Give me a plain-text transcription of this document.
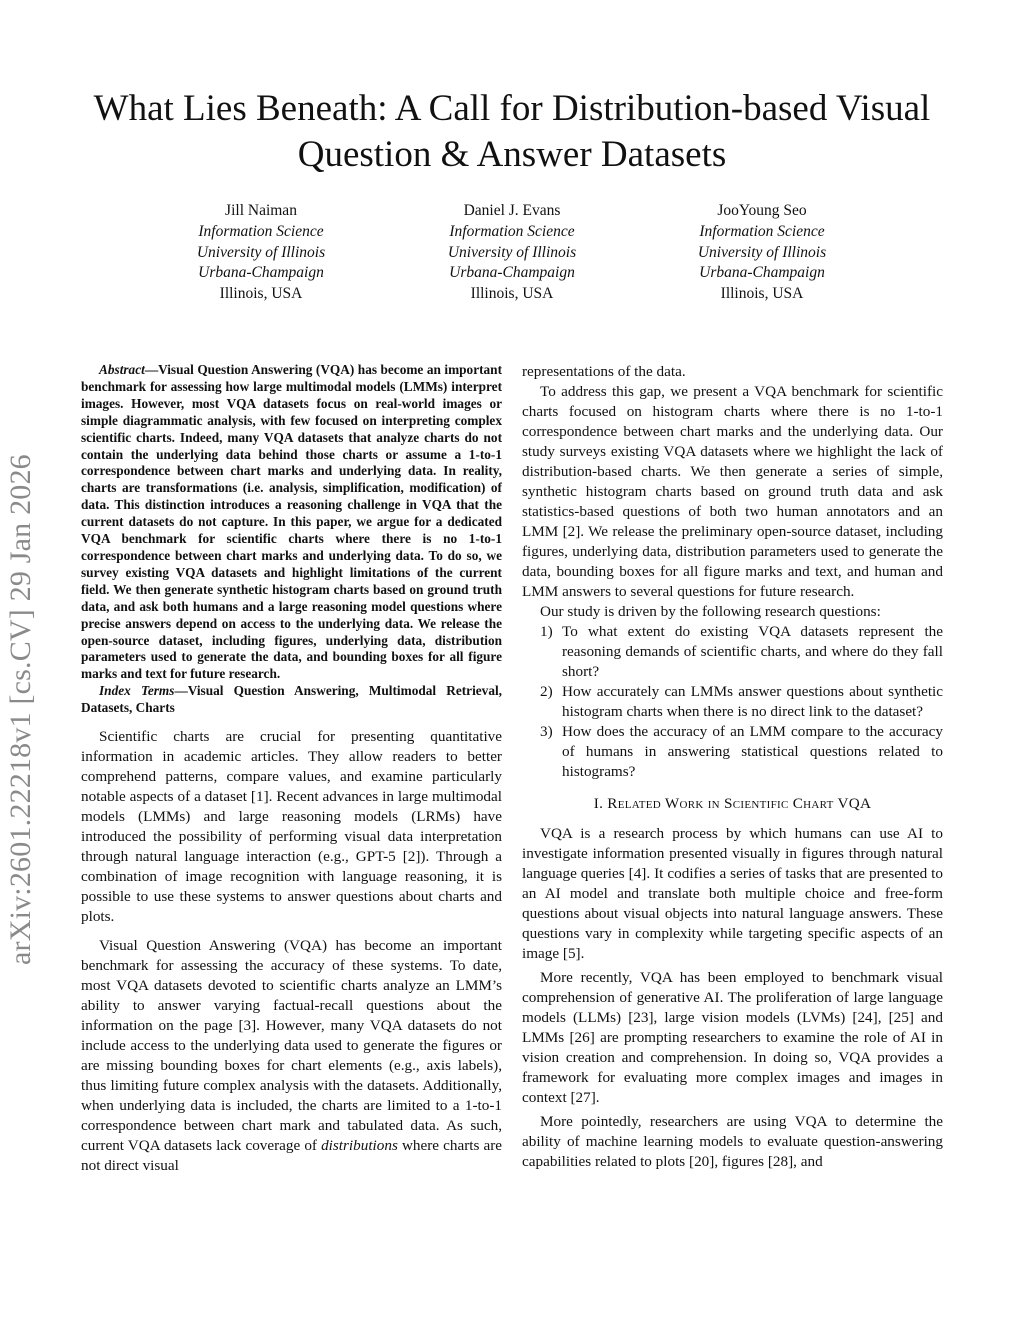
What Lies Beneath: A Call for Distribution-based Visual Question & Answer Datasets
Jill Naiman
Information Science
University of Illinois
Urbana-Champaign
Illinois, USA
Daniel J. Evans
Information Science
University of Illinois
Urbana-Champaign
Illinois, USA
JooYoung Seo
Information Science
University of Illinois
Urbana-Champaign
Illinois, USA
arXiv:2601.22218v1 [cs.CV] 29 Jan 2026

Abstract—Visual Question Answering (VQA) has become an important benchmark for assessing how large multimodal models (LMMs) interpret images. However, most VQA datasets focus on real-world images or simple diagrammatic analysis, with few focused on interpreting complex scientific charts. Indeed, many VQA datasets that analyze charts do not contain the underlying data behind those charts or assume a 1-to-1 correspondence between chart marks and underlying data. In reality, charts are transformations (i.e. analysis, simplification, modification) of data. This distinction introduces a reasoning challenge in VQA that the current datasets do not capture. In this paper, we argue for a dedicated VQA benchmark for scientific charts where there is no 1-to-1 correspondence between chart marks and underlying data. To do so, we survey existing VQA datasets and highlight limitations of the current field. We then generate synthetic histogram charts based on ground truth data, and ask both humans and a large reasoning model questions where precise answers depend on access to the underlying data. We release the open-source dataset, including figures, underlying data, distribution parameters used to generate the data, and bounding boxes for all figure marks and text for future research.

Index Terms—Visual Question Answering, Multimodal Retrieval, Datasets, Charts

Scientific charts are crucial for presenting quantitative information in academic articles. They allow readers to better comprehend patterns, compare values, and examine particularly notable aspects of a dataset [1]. Recent advances in large multimodal models (LMMs) and large reasoning models (LRMs) have introduced the possibility of performing visual data interpretation through natural language interaction (e.g., GPT-5 [2]). Through a combination of image recognition with language reasoning, it is possible to use these systems to answer questions about charts and plots.

Visual Question Answering (VQA) has become an important benchmark for assessing the accuracy of these systems. To date, most VQA datasets devoted to scientific charts analyze an LMM’s ability to answer varying factual-recall questions about the information on the page [3]. However, many VQA datasets do not include access to the underlying data used to generate the figures or are missing bounding boxes for chart elements (e.g., axis labels), thus limiting future complex analysis with the datasets. Additionally, when underlying data is included, the charts are limited to a 1-to-1 correspondence between chart mark and tabulated data. As such, current VQA datasets lack coverage of distributions where charts are not direct visual

representations of the data.

To address this gap, we present a VQA benchmark for scientific charts focused on histogram charts where there is no 1-to-1 correspondence between chart marks and the underlying data. Our study surveys existing VQA datasets where we highlight the lack of distribution-based charts. We then generate a series of simple, synthetic histogram charts based on ground truth data and ask statistics-based questions of both two human annotators and an LMM [2]. We release the preliminary open-source dataset, including figures, underlying data, distribution parameters used to generate the data, bounding boxes for all figure marks and text, and human and LMM answers to several questions for future research.

Our study is driven by the following research questions:

1) To what extent do existing VQA datasets represent the reasoning demands of scientific charts, and where do they fall short?
2) How accurately can LMMs answer questions about synthetic histogram charts when there is no direct link to the dataset?
3) How does the accuracy of an LMM compare to the accuracy of humans in answering statistical questions related to histograms?
I. Related Work in Scientific Chart VQA

VQA is a research process by which humans can use AI to investigate information presented visually in figures through natural language queries [4]. It codifies a series of tasks that are presented to an AI model and translate both multiple choice and free-form questions about visual objects into natural language answers. These questions vary in complexity while targeting specific aspects of an image [5].

More recently, VQA has been employed to benchmark visual comprehension of generative AI. The proliferation of large language models (LLMs) [23], large vision models (LVMs) [24], [25] and LMMs [26] are prompting researchers to examine the role of AI in vision creation and comprehension. In doing so, VQA provides a framework for evaluating more complex images and images in context [27].

More pointedly, researchers are using VQA to determine the ability of machine learning models to evaluate question-answering capabilities related to plots [20], figures [28], and
